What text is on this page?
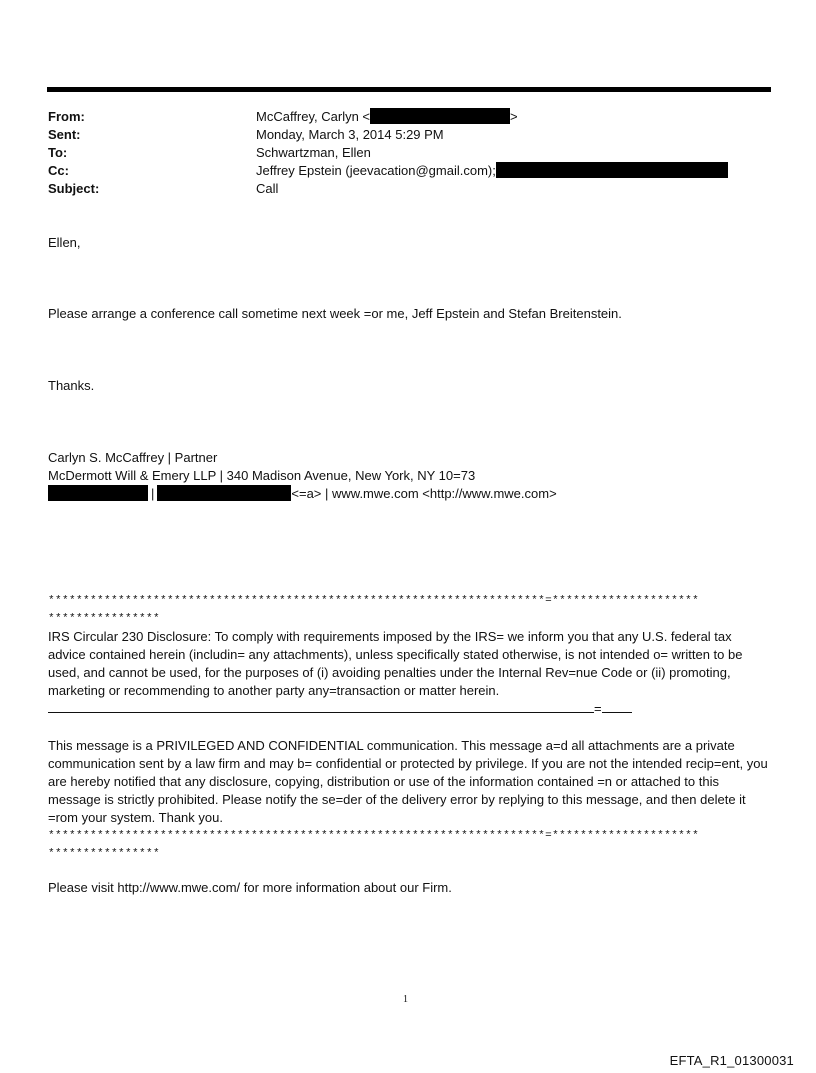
From:	McCaffrey, Carlyn <	>
Sent:	Monday, March 3, 2014 5:29 PM
To:	Schwartzman, Ellen
Cc:	Jeffrey Epstein (jeevacation@gmail.com);
Subject:	Call
Ellen,
Please arrange a conference call sometime next week =or me, Jeff Epstein and Stefan Breitenstein.
Thanks.
Carlyn S. McCaffrey | Partner
McDermott Will & Emery LLP | 340 Madison Avenue, New York, NY 10=73
|	<=a> | www.mwe.com <http://www.mwe.com>
***********************************************************************=*********************
****************
IRS Circular 230 Disclosure: To comply with requirements imposed by the IRS= we inform you that any U.S. federal tax advice contained herein (includin= any attachments), unless specifically stated otherwise, is not intended o= written to be used, and cannot be used, for the purposes of (i) avoiding penalties under the Internal Rev=nue Code or (ii) promoting, marketing or recommending to another party any=transaction or matter herein.
=
This message is a PRIVILEGED AND CONFIDENTIAL communication. This message a=d all attachments are a private communication sent by a law firm and may b= confidential or protected by privilege. If you are not the intended recip=ent, you are hereby notified that any disclosure, copying, distribution or use of the information contained =n or attached to this message is strictly prohibited. Please notify the se=der of the delivery error by replying to this message, and then delete it =rom your system. Thank you.
***********************************************************************=*********************
****************
Please visit http://www.mwe.com/ for more information about our Firm.
1
EFTA_R1_01300031
